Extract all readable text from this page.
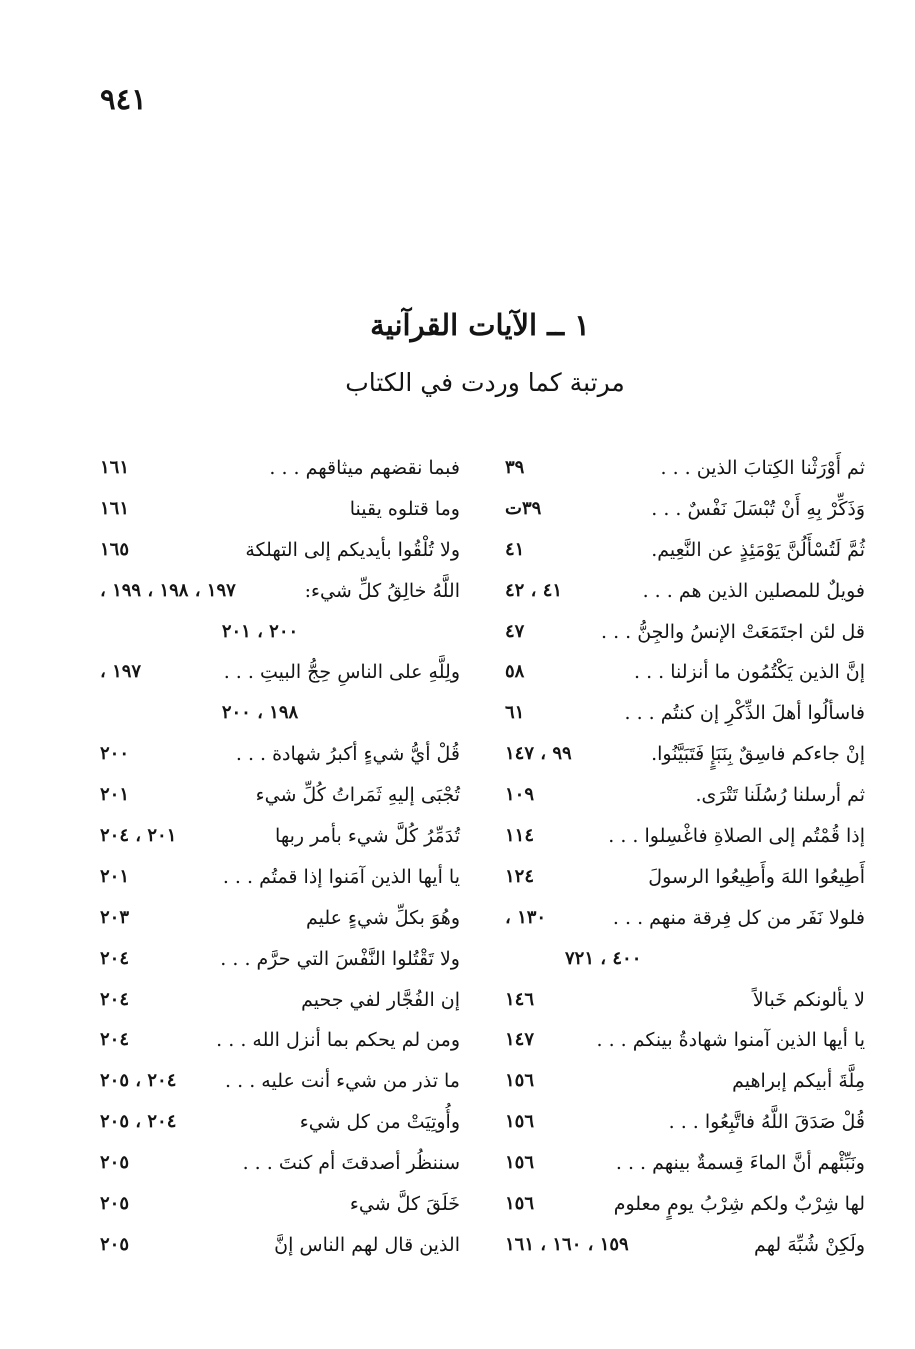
٩٤١
١ ــ الآيات القرآنية
مرتبة كما وردت في الكتاب
ثم أَوْرَثْنا الكِتابَ الذين . . .
٣٩
وَذَكِّرْ بِهِ أَنْ تُبْسَلَ نَفْسٌ . . .
٣٩ت
ثُمَّ لَتُسْأَلُنَّ يَوْمَئِذٍ عن النَّعِيم.
٤١
فويلٌ للمصلين الذين هم . . .
٤١ ، ٤٢
قل لئن اجتَمَعَتْ الإنسُ والجِنُّ . . .
٤٧
إنَّ الذين يَكْتُمُون ما أنزلنا . . .
٥٨
فاسألُوا أهلَ الذِّكْرِ إن كنتُم . . .
٦١
إنْ جاءكم فاسِقٌ بِنَبَإٍ فَتَبَيَّنُوا.
٩٩ ، ١٤٧
ثم أرسلنا رُسُلَنا تَتْرَى.
١٠٩
إذا قُمْتُم إلى الصلاةِ فاغْسِلوا . . .
١١٤
أَطِيعُوا اللهَ وأَطِيعُوا الرسولَ
١٢٤
فلولا نَفَر من كل فِرقة منهم . . .
١٣٠ ،
٤٠٠ ، ٧٢١
لا يألونكم خَبالاً
١٤٦
يا أيها الذين آمنوا شهادةُ بينكم . . .
١٤٧
مِلَّةَ أبيكم إبراهيم
١٥٦
قُلْ صَدَقَ اللَّهُ فاتَّبِعُوا . . .
١٥٦
ونَبِّئْهم أنَّ الماءَ قِسمةٌ بينهم . . .
١٥٦
لها شِرْبٌ ولكم شِرْبُ يومٍ معلوم
١٥٦
ولَكِنْ شُبِّهَ لهم
١٥٩ ، ١٦٠ ، ١٦١
فبما نقضهم ميثاقهم . . .
١٦١
وما قتلوه يقينا
١٦١
ولا تُلْقُوا بأيديكم إلى التهلكة
١٦٥
اللَّهُ خالِقُ كلِّ شيء:
١٩٧ ، ١٩٨ ، ١٩٩ ،
٢٠٠ ، ٢٠١
ولِلَّهِ على الناسِ حِجُّ البيتِ . . .
١٩٧ ،
١٩٨ ، ٢٠٠
قُلْ أيُّ شيءٍ أكبرُ شهادة . . .
٢٠٠
تُجْبَى إليهِ ثَمَراتُ كُلِّ شيء
٢٠١
تُدَمِّرُ كُلَّ شيء بأمر ربها
٢٠١ ، ٢٠٤
يا أيها الذين آمَنوا إذا قمتُم . . .
٢٠١
وهُوَ بكلِّ شيءٍ عليم
٢٠٣
ولا تَقْتُلوا النَّفْسَ التي حرَّم . . .
٢٠٤
إن الفُجَّار لفي جحيم
٢٠٤
ومن لم يحكم بما أنزل الله . . .
٢٠٤
ما تذر من شيء أنت عليه . . .
٢٠٤ ، ٢٠٥
وأُوتِيَتْ من كل شيء
٢٠٤ ، ٢٠٥
سننظُر أصدقتَ أم كنتَ . . .
٢٠٥
خَلَقَ كلَّ شيء
٢٠٥
الذين قال لهم الناس إنَّ
٢٠٥
